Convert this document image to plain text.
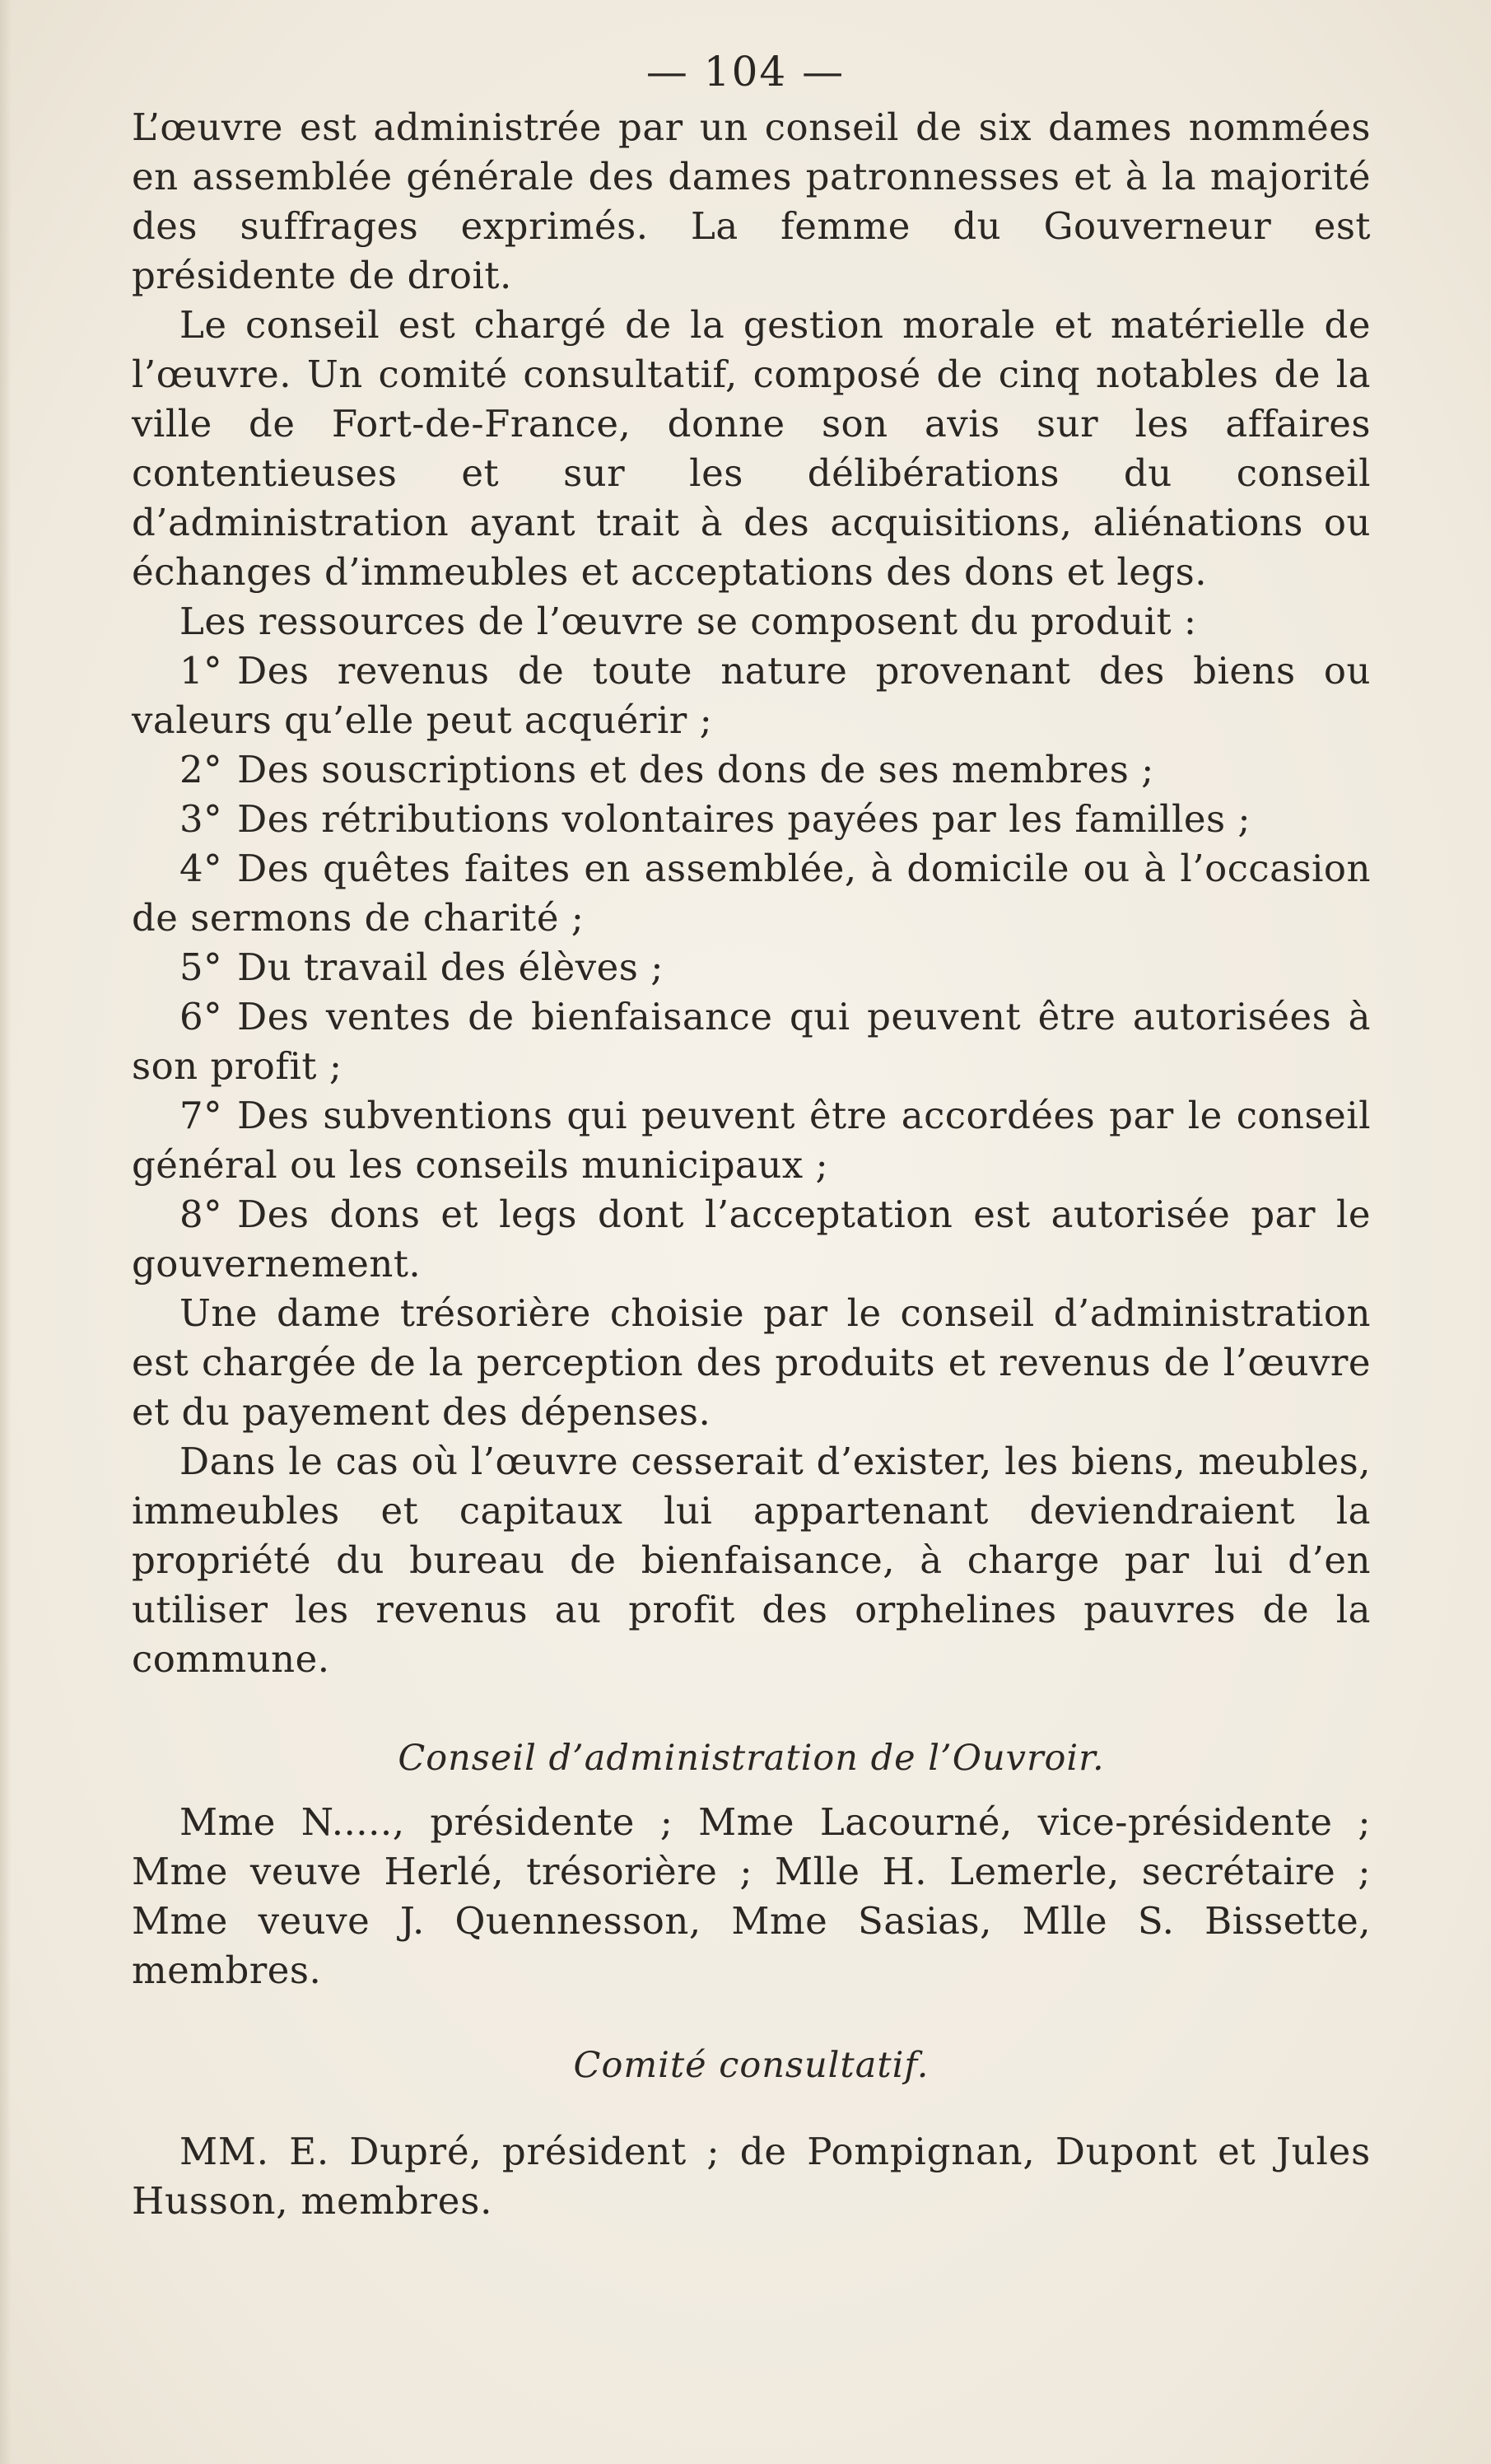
— 104 —

L’œuvre est administrée par un conseil de six dames nommées en assemblée générale des dames patronnesses et à la majorité des suffrages exprimés. La femme du Gouverneur est présidente de droit.

Le conseil est chargé de la gestion morale et matérielle de l’œuvre. Un comité consultatif, composé de cinq notables de la ville de Fort-de-France, donne son avis sur les affaires contentieuses et sur les délibérations du conseil d’administration ayant trait à des acquisitions, aliénations ou échanges d’immeubles et acceptations des dons et legs.

Les ressources de l’œuvre se composent du produit :

1° Des revenus de toute nature provenant des biens ou valeurs qu’elle peut acquérir ;

2° Des souscriptions et des dons de ses membres ;

3° Des rétributions volontaires payées par les familles ;

4° Des quêtes faites en assemblée, à domicile ou à l’occasion de sermons de charité ;

5° Du travail des élèves ;

6° Des ventes de bienfaisance qui peuvent être autorisées à son profit ;

7° Des subventions qui peuvent être accordées par le conseil général ou les conseils municipaux ;

8° Des dons et legs dont l’acceptation est autorisée par le gouvernement.

Une dame trésorière choisie par le conseil d’administration est chargée de la perception des produits et revenus de l’œuvre et du payement des dépenses.

Dans le cas où l’œuvre cesserait d’exister, les biens, meubles, immeubles et capitaux lui appartenant deviendraient la propriété du bureau de bienfaisance, à charge par lui d’en utiliser les revenus au profit des orphelines pauvres de la commune.

Conseil d’administration de l’Ouvroir.

Mme N....., présidente ; Mme Lacourné, vice-présidente ; Mme veuve Herlé, trésorière ; Mlle H. Lemerle, secrétaire ; Mme veuve J. Quennesson, Mme Sasias, Mlle S. Bissette, membres.

Comité consultatif.

MM. E. Dupré, président ; de Pompignan, Dupont et Jules Husson, membres.
